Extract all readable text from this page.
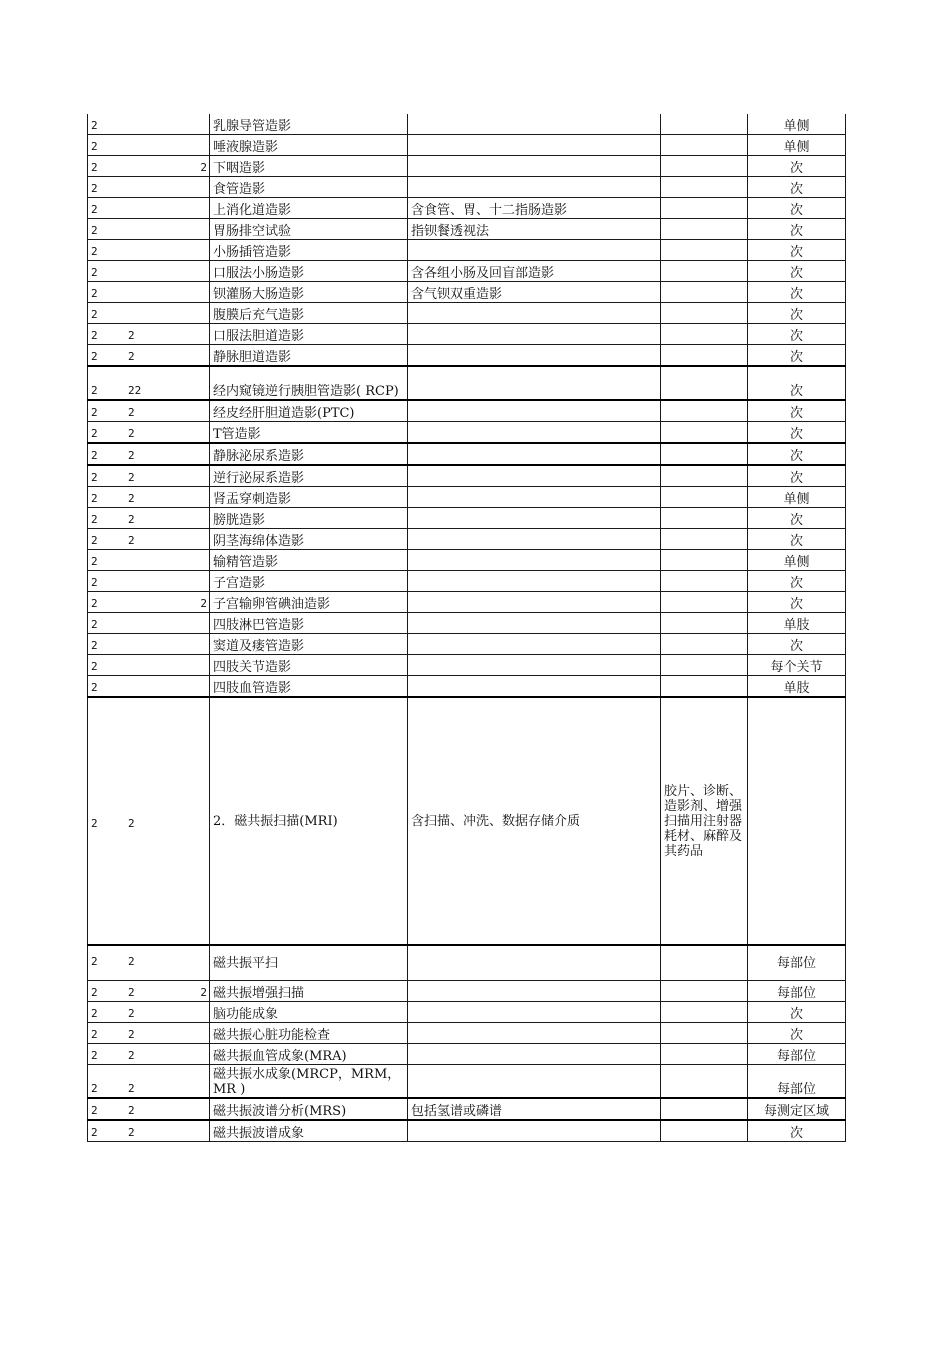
2	乳腺导管造影			单侧

2	唾液腺造影			单侧

2 2	下咽造影			次

2	食管造影			次

2	上消化道造影	含食管、胃、十二指肠造影		次

2	胃肠排空试验	指钡餐透视法		次

2	小肠插管造影			次

2	口服法小肠造影	含各组小肠及回盲部造影		次

2	钡灌肠大肠造影	含气钡双重造影		次

2	腹膜后充气造影			次

2 2	口服法胆道造影			次

2 2	静脉胆道造影			次

2 22	经内窥镜逆行胰胆管造影( RCP)			次

2 2	经皮经肝胆道造影(PTC)			次

2 2	T管造影			次

2 2	静脉泌尿系造影			次

2 2	逆行泌尿系造影			次

2 2	肾盂穿刺造影			单侧

2 2	膀胱造影			次

2 2	阴茎海绵体造影			次

2	输精管造影			单侧

2	子宫造影			次

2 2	子宫输卵管碘油造影			次

2	四肢淋巴管造影			单肢

2	窦道及瘘管造影			次

2	四肢关节造影			每个关节

2	四肢血管造影			单肢

2 2	2．磁共振扫描(MRI)	含扫描、冲洗、数据存储介质	胶片、诊断、造影剂、增强扫描用注射器耗材、麻醉及其药品	

2 2	磁共振平扫			每部位

2 2 2	磁共振增强扫描			每部位

2 2	脑功能成象			次

2 2	磁共振心脏功能检查			次

2 2	磁共振血管成象(MRA)			每部位

2 2	磁共振水成象(MRCP，MRM，MR )			每部位

2 2	磁共振波谱分析(MRS)	包括氢谱或磷谱		每测定区域

2 2	磁共振波谱成象			次
